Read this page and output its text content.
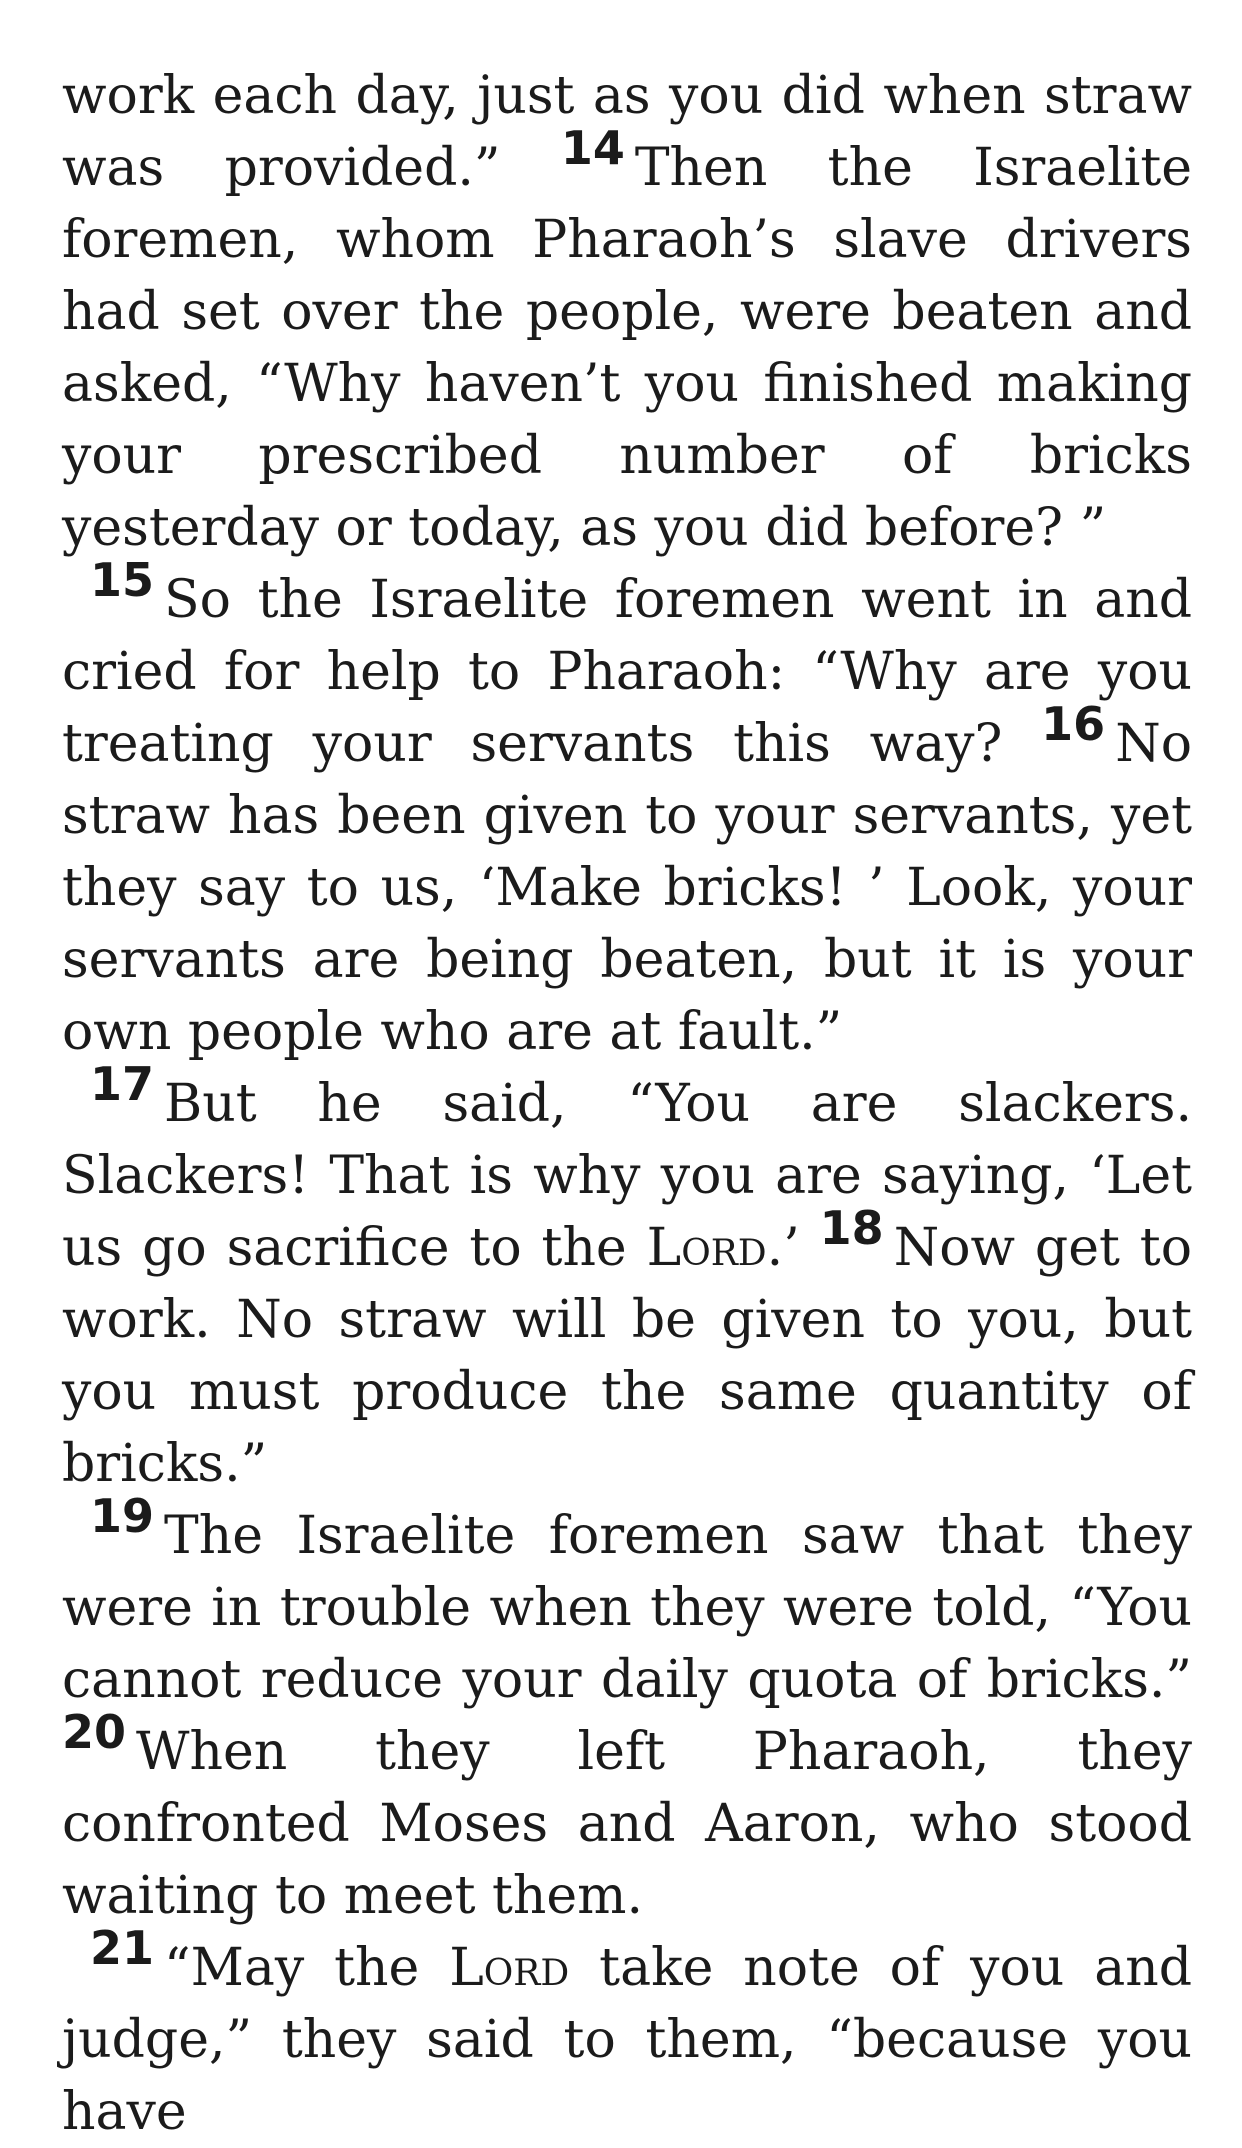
work each day, just as you did when straw was provided.” 14 Then the Israelite foremen, whom Pharaoh’s slave drivers had set over the people, were beaten and asked, “Why haven’t you finished making your prescribed number of bricks yesterday or today, as you did before? ”

15 So the Israelite foremen went in and cried for help to Pharaoh: “Why are you treating your servants this way? 16 No straw has been given to your servants, yet they say to us, ‘Make bricks! ’ Look, your servants are being beaten, but it is your own people who are at fault.”

17 But he said, “You are slackers. Slackers! That is why you are saying, ‘Let us go sacrifice to the Lord.’ 18 Now get to work. No straw will be given to you, but you must produce the same quantity of bricks.”

19 The Israelite foremen saw that they were in trouble when they were told, “You cannot reduce your daily quota of bricks.” 20 When they left Pharaoh, they confronted Moses and Aaron, who stood waiting to meet them.

21 “May the Lord take note of you and judge,” they said to them, “because you have
